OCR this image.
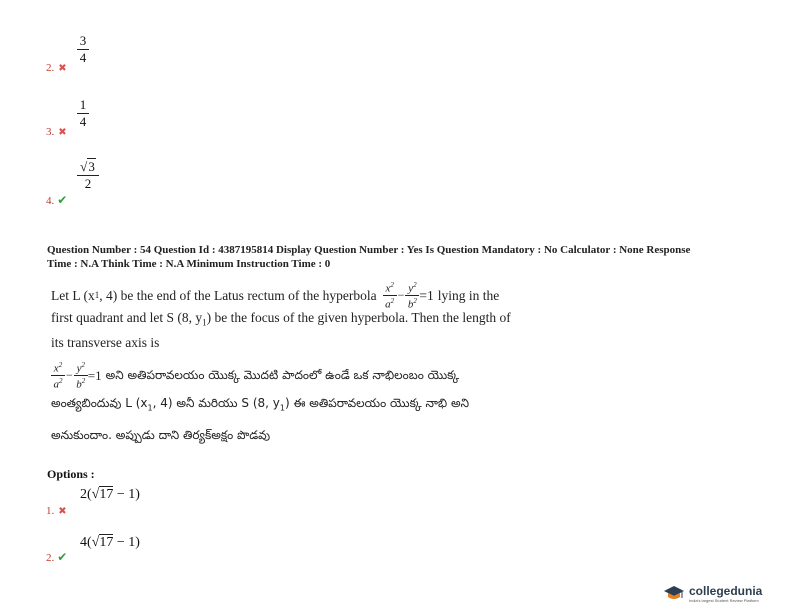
2. ✖
3
4
3. ✖
1
4
4. ✔
√3
2
Question Number : 54 Question Id : 4387195814 Display Question Number : Yes Is Question Mandatory : No Calculator : None Response
Time : N.A Think Time : N.A Minimum Instruction Time : 0
Let L (x 1 , 4) be the end of the Latus rectum of the hyperbola $x^2$
$a^2 - y^2$
$b^2 =1$ lying in the
first quadrant and let S (8, $y_1$) be the focus of the given hyperbola. Then the length of
its transverse axis is
$x^2$
$a^2 - y^2$
$b^2 =1$ అని అతిపరావలయం యొక్క మొదటి పాదంలో ఉండే ఒక నాభిలంబం యొక్క
అంత్యబిందువు L ($x_1$, 4) అనీ మరియు S (8, $y_1$) ఈ అతిపరావలయం యొక్క నాభి అని
అనుకుందాం. అప్పుడు దాని తిర్యక్‌అక్షం పొడవు
Options :
1. ✖
2(√17 − 1)
2. ✔
4(√17 − 1)
collegedunia
India's largest Student Review Platform
